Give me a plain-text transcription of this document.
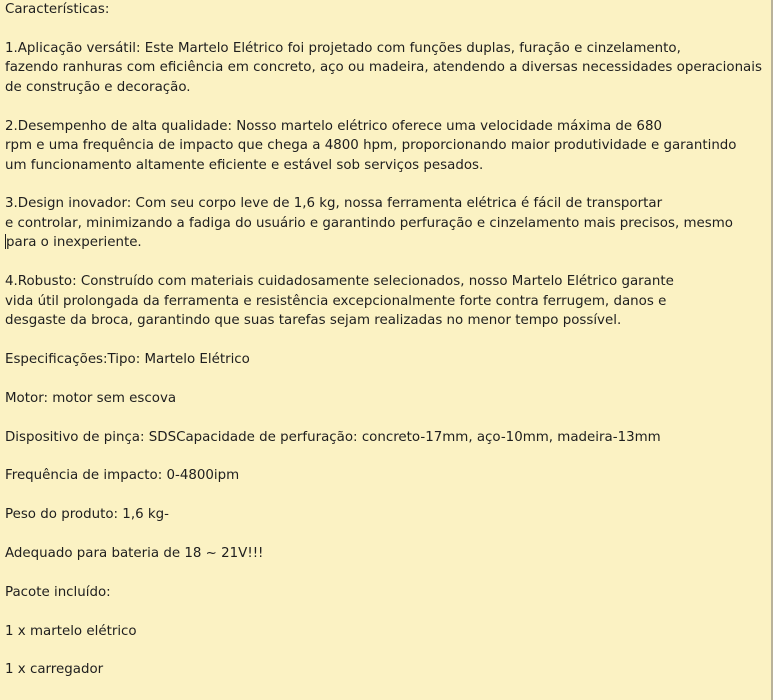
Características:
1.Aplicação versátil: Este Martelo Elétrico foi projetado com funções duplas, furação e cinzelamento,
fazendo ranhuras com eficiência em concreto, aço ou madeira, atendendo a diversas necessidades operacionais
de construção e decoração.
2.Desempenho de alta qualidade: Nosso martelo elétrico oferece uma velocidade máxima de 680
rpm e uma frequência de impacto que chega a 4800 hpm, proporcionando maior produtividade e garantindo
um funcionamento altamente eficiente e estável sob serviços pesados.
3.Design inovador: Com seu corpo leve de 1,6 kg, nossa ferramenta elétrica é fácil de transportar
e controlar, minimizando a fadiga do usuário e garantindo perfuração e cinzelamento mais precisos, mesmo
para o inexperiente.
4.Robusto: Construído com materiais cuidadosamente selecionados, nosso Martelo Elétrico garante
vida útil prolongada da ferramenta e resistência excepcionalmente forte contra ferrugem, danos e
desgaste da broca, garantindo que suas tarefas sejam realizadas no menor tempo possível.
Especificações:Tipo: Martelo Elétrico
Motor: motor sem escova
Dispositivo de pinça: SDSCapacidade de perfuração: concreto-17mm, aço-10mm, madeira-13mm
Frequência de impacto: 0-4800ipm
Peso do produto: 1,6 kg-
Adequado para bateria de 18 ~ 21V!!!
Pacote incluído:
1 x martelo elétrico
1 x carregador
